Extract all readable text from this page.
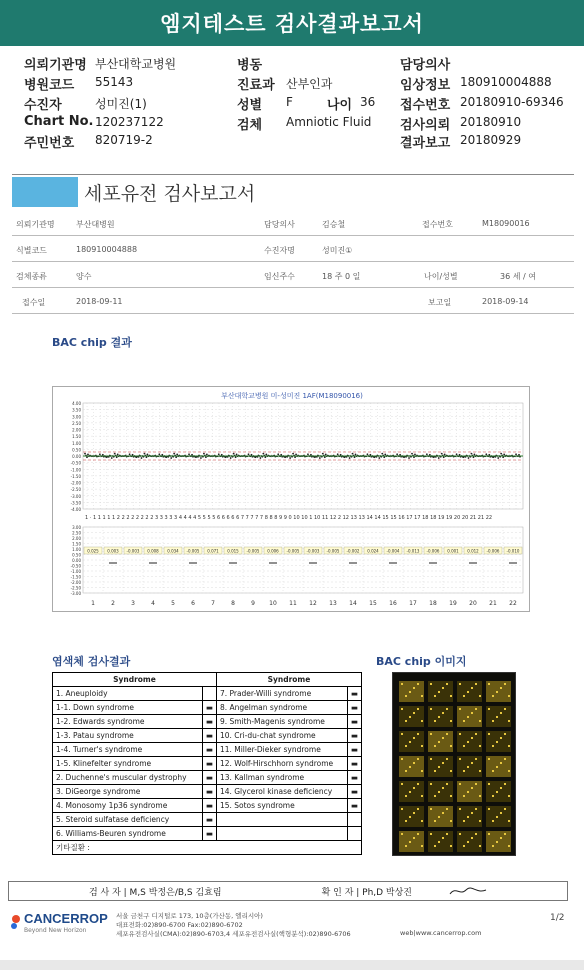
엠지테스트 검사결과보고서
의뢰기관명 부산대학교병원
병원코드 55143
수진자	성미진(1)
Chart No. 120237122
주민번호 820719-2
병동
진료과 산부인과
성별 F	나이 36
검체 Amniotic Fluid
담당의사
임상정보 180910004888
접수번호 20180910-69346
검사의뢰 20180910
결과보고 20180929
세포유전 검사보고서
의뢰기관명	부산대병원	담당의사	김승철	접수번호	M18090016
식별코드	180910004888	수진자명	성미진①
검체종류	양수	임신주수	18 주 0 일	나이/성별	36 세 / 여
접수일	2018-09-11	보고일	2018-09-14
BAC chip 결과
부산대학교병원 미-성미진 1AF(M18090016)
4.00
3.50
3.00
2.50
2.00
1.50
1.00
0.50
0.00
-0.50
-1.00
-1.50
-2.00
-2.50
-3.00
-3.50
-4.00
1 · 1 1 1 1 1 2 2 2 2 2 2 2 2 3 3 3 3 3 4 4 4 4 5 5 5 5 6 6 6 6 6 7 7 7 7 7 8 8 8 9 9 0 10 10 1 10 11 12 2 12 13 13 14 14 15 15 16 17 17 18 18 19 19 20 20 21 21 22
3.00
2.50
2.00
1.50
1.00
0.50
0.00
-0.50
-1.00
-1.50
-2.00
-2.50
-3.00
0.025
1
0.003
2
-0.003
3
0.008
4
0.034
5
-0.005
6
0.071
7
0.015
8
-0.005
9
0.006
10
-0.005
11
-0.003
12
-0.005
13
-0.002
14
0.024
15
-0.004
16
-0.013
17
-0.006
18
0.001
19
0.012
20
-0.006
21
-0.010
22
염색체 검사결과	BAC chip 이미지
Syndrome		Syndrome	
1. Aneuploidy		7. Prader-Willi syndrome	▬
1-1. Down syndrome	▬	8. Angelman syndrome	▬
1-2. Edwards syndrome	▬	9. Smith-Magenis syndrome	▬
1-3. Patau syndrome	▬	10. Cri-du-chat syndrome	▬
1-4. Turner's syndrome	▬	11. Miller-Dieker syndrome	▬
1-5. Klinefelter syndrome	▬	12. Wolf-Hirschhorn syndrome	▬
2. Duchenne's muscular dystrophy	▬	13. Kallman syndrome	▬
3. DiGeorge syndrome	▬	14. Glycerol kinase deficiency	▬
4. Monosomy 1p36 syndrome	▬	15. Sotos syndrome	▬
5. Steroid sulfatase deficiency	▬		
6. Williams-Beuren syndrome	▬		
기타질환 :			
검 사 자 | M,S 박정은/B,S 김효림	확 인 자 | Ph,D 박상진
CANCERROP
Beyond New Horizon
서울 금천구 디지털로 173, 10층(가산동, 엘리시아)
대표전화:02)890-6700 Fax:02)890-6702
세포유전검사실(CMA):02)890-6703,4 세포유전검사실(핵형분석):02)890-6706	web|www.cancerrop.com
1/2
